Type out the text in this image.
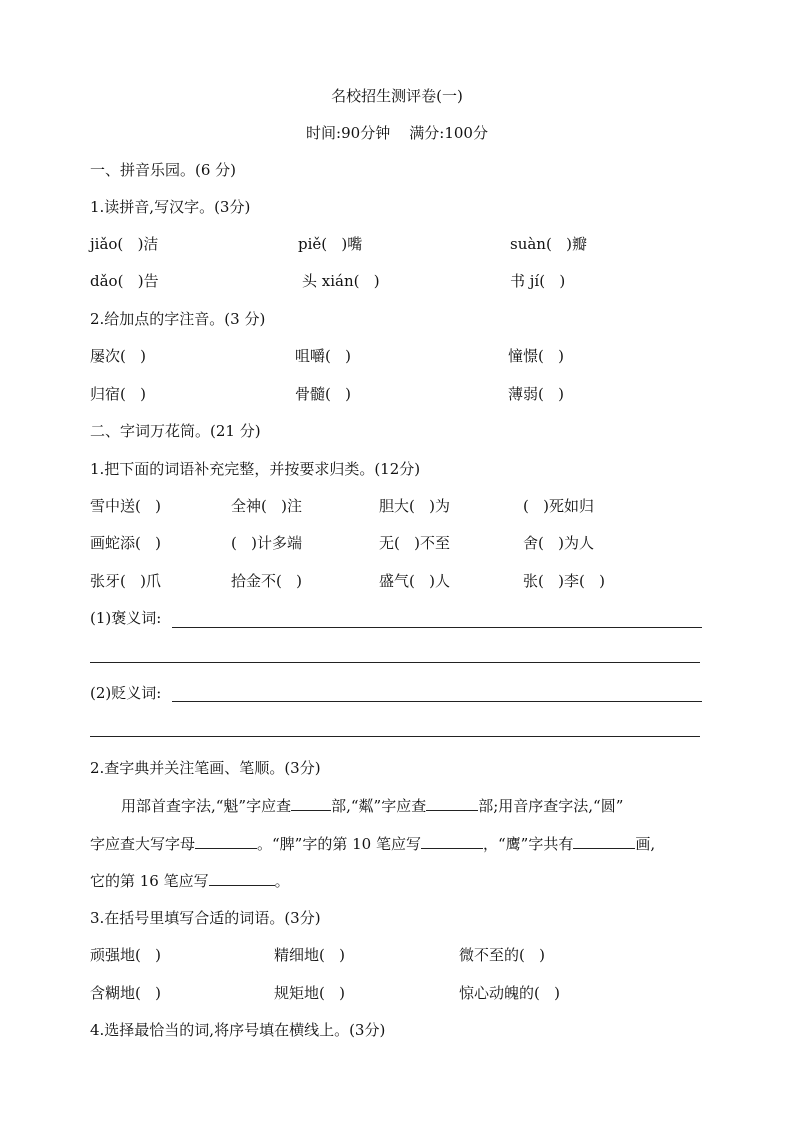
名校招生测评卷(一)
时间:90分钟    满分:100分
一、拼音乐园。(6 分)
1.读拼音,写汉字。(3分)
jiǎo(   )洁	piě(   )嘴	suàn(   )瓣
dǎo(   )告	头 xián(   )	书 jí(   )
2.给加点的字注音。(3 分)
屡次(   )	咀嚼(   )	憧憬(   )
归宿(   )	骨髓(   )	薄弱(   )
二、字词万花筒。(21 分)
1.把下面的词语补充完整，并按要求归类。(12分)
雪中送(   )	全神(   )注	胆大(   )为	(   )死如归
画蛇添(   )	(   )计多端	无(   )不至	舍(   )为人
张牙(   )爪	拾金不(   )	盛气(   )人	张(   )李(   )
(1)褒义词:
(2)贬义词:
2.查字典并关注笔画、笔顺。(3分)
用部首查字法,“魁”字应查	部,“粼”字应查	部;用音序查字法,“圆”
字应查大写字母	。“脾”字的第 10 笔应写	，“鹰”字共有	画,
它的第 16 笔应写	。
3.在括号里填写合适的词语。(3分)
顽强地(   )	精细地(   )	微不至的(   )
含糊地(   )	规矩地(   )	惊心动魄的(   )
4.选择最恰当的词,将序号填在横线上。(3分)
